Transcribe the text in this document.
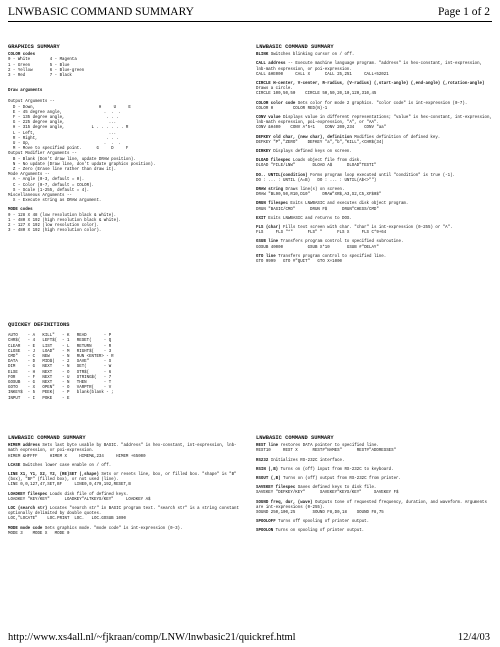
LNWBASIC COMMAND SUMMARY	Page 1 of 2
GRAPHICS SUMMARY
COLOR codes
0 - White        4 - Magenta
1 - Green        5 - Blue
2 - Yellow       6 - Blue-green
3 - Red          7 - Black
Draw arguments
Output Arguments --
D - Down,                          H     U     E
E - 45 degree angle,                 .  .  .
F - 135 degree angle,                 . . .
G - 225 degree angle,                  ...
H - 315 degree angle,           L . . . . . . R
L - Left,                              ...
R - Right,                            . . .
U - Up,                              .  .  .
M - Move to specified point.      G     D     F
Output Modifier Arguments --
B - Blank (Don't draw line, update DRAW position).
N - No update (Draw line, don't update graphics position).
Z - Zero (Erase line rather than draw it).
Mode Arguments --
A - Angle (0-3, default = 0).
C - Color (0-7, default = COLOR).
S - Scale (1-255, default = 4).
Miscellaneous Arguments --
X - Execute string as DRAW argument.
MODE codes
0 - 128 X 48 (low resolution black & white).
1 - 480 X 192 (high resolution black & white).
2 - 127 X 192 (low resolution color).
3 - 480 X 192 (high resolution color).
QUICKEY DEFINITIONS
AUTO    - A   KILL"   - K   READ       - P
CHR$(   - 4   LEFT$(  - 1   RESET(     - Q
CLEAR   - E   LIST    - L   RETURN     - R
CLOSE   - J   LOAD"   - M   RIGHT$(    - 3
CMD"    - C   NEW     - N   RUN <ENTER> - R
DATA    - D   MID$(   - 2   SAVE"      - S
DIM     - G   NEXT    - N   SET(       - W
ELSE    - H   NEXT    - O   STR$(      - 6
FOR     - F   NEXT    - U   STRING$(   - 7
GOSUB   - G   NEXT    - N   THEN       - T
GOTO    - X   OPEN"   - O   VARPTR(    - V
INKEY$  - 5   PEEK(   - P   blank(blank - ;
INPUT   - I   POKE    - E
LNWBASIC COMMAND SUMMARY
BLINK Switches blinking cursor on / off.
CALL address -- Execute machine language program. "address" is hex-constant, int-expression, lnb-math expression, or poi-expression.
CALL &HE000     CALL X      CALL 25,251     CALL+52021
CIRCLE H-center, V-center, R-radius, (V-radius) (,start-angle) (,end-angle) (,rotation-angle) Draws a circle.
CIRCLE 100,50,50    CIRCLE 50,50,20,10,120,310,45
COLOR color code Sets color for mode 2 graphics. "color code" is int-expression (0-7).
COLOR 0        COLOR RED(N)-1
CONV value Displays value in different representations; "value" is hex-constant, int-expression, lnb-math expression, poi-expression, "A", or "AA".
CONV &H400    CONV A*5+1    CONV 200,234    CONV "aa"
DEFKEY old char, (new char), definition Modifies definition of defined key.
DEFKEY "P","ZERO"    DEFKEY "a","b","KILL",<CHR$(34)
DIRKEY Displays defined keys on screen.
DLOAD filespec Loads object file from disk.
DLOAD "FILE/LNW"       DLOAD A$      DLOAD"TESTI"
DO.. UNTIL(condition) Forms program loop executed until "condition" is true (-1).
DO : ... : UNTIL (A=B)   DO : ... : UNTIL(A$<>"")
DRAW string Draws line(s) on screen.
DRAW "BL90,50,R10,D10"     DRAW"XR$,A3,S2,C5,XF$0$"
DRUN filespec Exits LNWBASIC and executes disk object program.
DRUN "BASIC/CMD"      DRUN F$      DRUN"CHESS/CMD"
EXIT Exits LNWBASIC and returns to DOS.
FLS (char) Fills text screen with char. "char" is int-expression (0-255) or "A".
FLS     FLS "*"      FLS" "      FLS X     FLS C*9+64
GSUB line Transfers program control to specified subroutine.
GOSUB 40000          GSUB X*10       GSUB #"DELAY"
GTO line Transfers program control to specified line.
GTO 9999   GTO #"QUIT"   GTO X+1000
LNWBASIC COMMAND SUMMARY
HIMEM address Sets last byte usable by BASIC. "address" is hex-constant, int-expression, lnb-math expression, or poi-expression.
HIMEM &HFFFF     HIMEM X     HIMEM&,234     HIMEM +65000
LCASE Switches lower case enable on / off.
LINE X1, Y1, X2, Y2, (RE)SET (,shape) Sets or resets line, box, or filled box. "shape" is "B" (box), "BF" (filled box), or not used (line).
LINE 0,0,127,47,SET,BF     LINE0,0,479,192,RESET,B
LOADKEY filespec Loads disk file of defined keys.
LOADKEY "KEY/KEY"      LOADKEY"ALTKEYS/KEY"     LOADKEY A$
LOC (search str) Locates "search str" in BASIC program text. "search str" is a string constant optionally delimited by double quotes.
LOC,"LOCATE"    LOC.PRINT  LOC.   LOC.GOSUB 1000
MODE mode code Sets graphics mode. "mode code" is int-expression (0-3).
MODE 3    MODE X   MODE 0
LNWBASIC COMMAND SUMMARY
REST line restores DATA pointer to specified line.
REST10     REST X      REST#"NAMES"      REST#"ADDRESSES"
RS232 Initializes RS-232C interface.
RSIN (,B) Turns on (off) input from RS-232C to keyboard.
RSOUT (,B) Turns on (off) output from RS-232C from printer.
SAVEKEY filespec Saves defined keys to disk file.
SAVEKEY "DEFKEY/KEY"      SAVEKEY"KEYS/KEY"     SAVEKEY F$
SOUND freq, dur, (wave) Outputs tone of requested frequency, duration, and waveform. Arguments are int-expressions (0-255).
SOUND 250,100,25       SOUND F8,D0,18    SOUND F8,75
SPOOLOFF Turns off spooling of printer output.
SPOOLON Turns on spooling of printer output.
http://www.xs4all.nl/~fjkraan/comp/LNW/lnwbasic21/quickref.html	12/4/03
